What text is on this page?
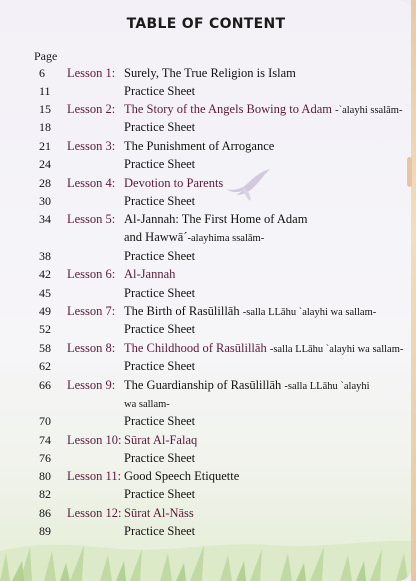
TABLE OF CONTENT
Page
6	Lesson 1: Surely, The True Religion is Islam
11	Practice Sheet
15	Lesson 2: The Story of the Angels Bowing to Adam -`alayhi ssalām-
18	Practice Sheet
21	Lesson 3: The Punishment of Arrogance
24	Practice Sheet
28	Lesson 4: Devotion to Parents
30	Practice Sheet
34	Lesson 5: Al-Jannah: The First Home of Adam
and Hawwā´-alayhima ssalām-
38	Practice Sheet
42	Lesson 6: Al-Jannah
45	Practice Sheet
49	Lesson 7: The Birth of Rasūlillāh -salla LLāhu `alayhi wa sallam-
52	Practice Sheet
58	Lesson 8: The Childhood of Rasūlillāh -salla LLāhu `alayhi wa sallam-
62	Practice Sheet
66	Lesson 9: The Guardianship of Rasūlillāh -salla LLāhu `alayhi
wa sallam-
70	Practice Sheet
74	Lesson 10: Sūrat Al-Falaq
76	Practice Sheet
80	Lesson 11: Good Speech Etiquette
82	Practice Sheet
86	Lesson 12: Sūrat Al-Nāss
89	Practice Sheet
